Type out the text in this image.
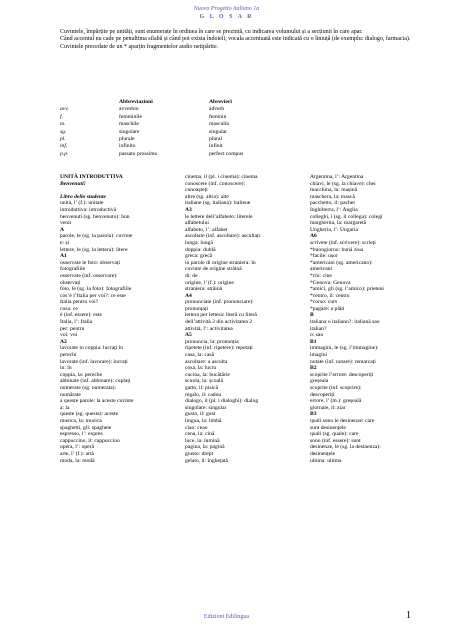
Nuovo Progetto italiano 1a
G L O S A R
Cuvintele, împărțite pe unități, sunt enumerate în ordinea în care se prezintă, cu indicarea volumului și a secțiunii în care apar.
Când accentul nu cade pe penultima silabă și când pot exista îndoieli, vocala accentuată este indicată cu o liniuță (de exemplu: dialogo, farmacia).
Cuvintele precedate de un * aparțin fragmentelor audio netipărite.
Abbreviazioni	Abrevieri
avv.	avverbio	adverb
f.	femminile	feminin
m.	maschile	masculin
sg.	singolare	singular
pl.	plurale	plural
inf.	infinito	infinit
p.p.	passato prossimo	perfect compus
UNITÀ INTRODUTTIVA
Benvenuti!

Libro dello studente
unità, l’ (f.): unitate
introduttiva: introductivă
benvenuti (sg. benvenuto): bun
venit
A
parole, le (sg. la parola): cuvinte
e: și
lettere, le (sg. la lettera): litere
A1
osservate le foto: observați
fotografiile
osservate (inf. osservare):
observați
foto, le (sg. la foto): fotografiile
cos’è l’Italia per voi?: ce este
Italia pentru voi?
cosa: ce
è (inf. essere): este
Italia, l’: Italia
per: pentru
voi: voi
A2
lavorate in coppia: lucrați în
perechi
lavorate (inf. lavorare): lucrați
in: în
coppia, la: pereche
abbinate (inf. abbinare): cuplați
numerate (sg. numerata):
numărate
a queste parole: la aceste cuvinte
a: la
queste (sg. questa): aceste
musica, la: muzica
spaghetti, gli: spaghete
espresso, l’: expres
cappuccino, il: cappuccino
opera, l’: operă
arte, l’ (f.): artă
moda, la: modă
cinema, il (pl. i cinema): cinema
conoscete (inf. conoscere):
cunoașteți
altre (sg. altra): alte
italiane (sg. italiana): italiene
A3
le lettere dell’alfabeto: literele
alfabetului
alfabeto, l’: alfabet
ascoltate (inf. ascoltare): ascultați
lunga: lungă
doppia: dublă
greca: grecă
in parole di origine straniera: în
cuvinte de origine străină
di: de
origine, l’ (f.): origine
straniera: străină
A4
pronunciate (inf. pronunciare):
pronunțați
lettera per lettera: literă cu literă
dell’attività 2 din activitatea 2
attività, l’: activitatea
A5
pronuncia, la: pronunția
ripetete (inf. ripetere): repetați
casa, la: casă
ascoltare: a asculta
cosa, la: lucru
cucina, la: bucătărie
scuola, la: școală
gatto, il: pisică
regalo, il: cadou
dialogo, il (pl. i dialoghi): dialog
singolare: singular
gusto, il: gust
lingua, la: limbă
ciao: ceao
cena, la: cină
luce, la: lumină
pagina, la: pagină
giusto: drept
gelato, il: înghețată
Argentina, l’: Argentina
chiavi, le (sg. la chiave): chei
macchina, la: mașină
maschera, la: mască
pacchetto, il: pachet
Inghilterra, l’: Anglia
colleghi, i (sg. il collega): colegi
margherita, la: margaretă
Ungheria, l’: Ungaria
A6
scrivete (inf. scrivere): scrieți
*buongiorno: bună ziua
*facile: ușor
*americani (sg. americano):
americani
*chi: cine
*Genova: Genova
*amici, gli (sg. l’amico): prieteni
*centro, il: centru
*corso: curs
*pagare: a plăti
B
italiana o italiano?: italiană sau
italian?
o: sau
B1
immagini, le (sg. l’immagine):
imagini
notate (inf. notare): remarcați
B2
scoprite l’errore: descoperiți
greșeala
scoprite (inf. scoprire):
descoperiți
errore, l’ (m.): greșeală
giornale, il: ziar
B3
quali sono le desinenze: care
sunt desinențele
quali (sg. quale): care
sono (inf. essere): sunt
desinenze, le (sg. la desinenza):
desinențele
ultima: ultima
Edizioni Edilingua	1
